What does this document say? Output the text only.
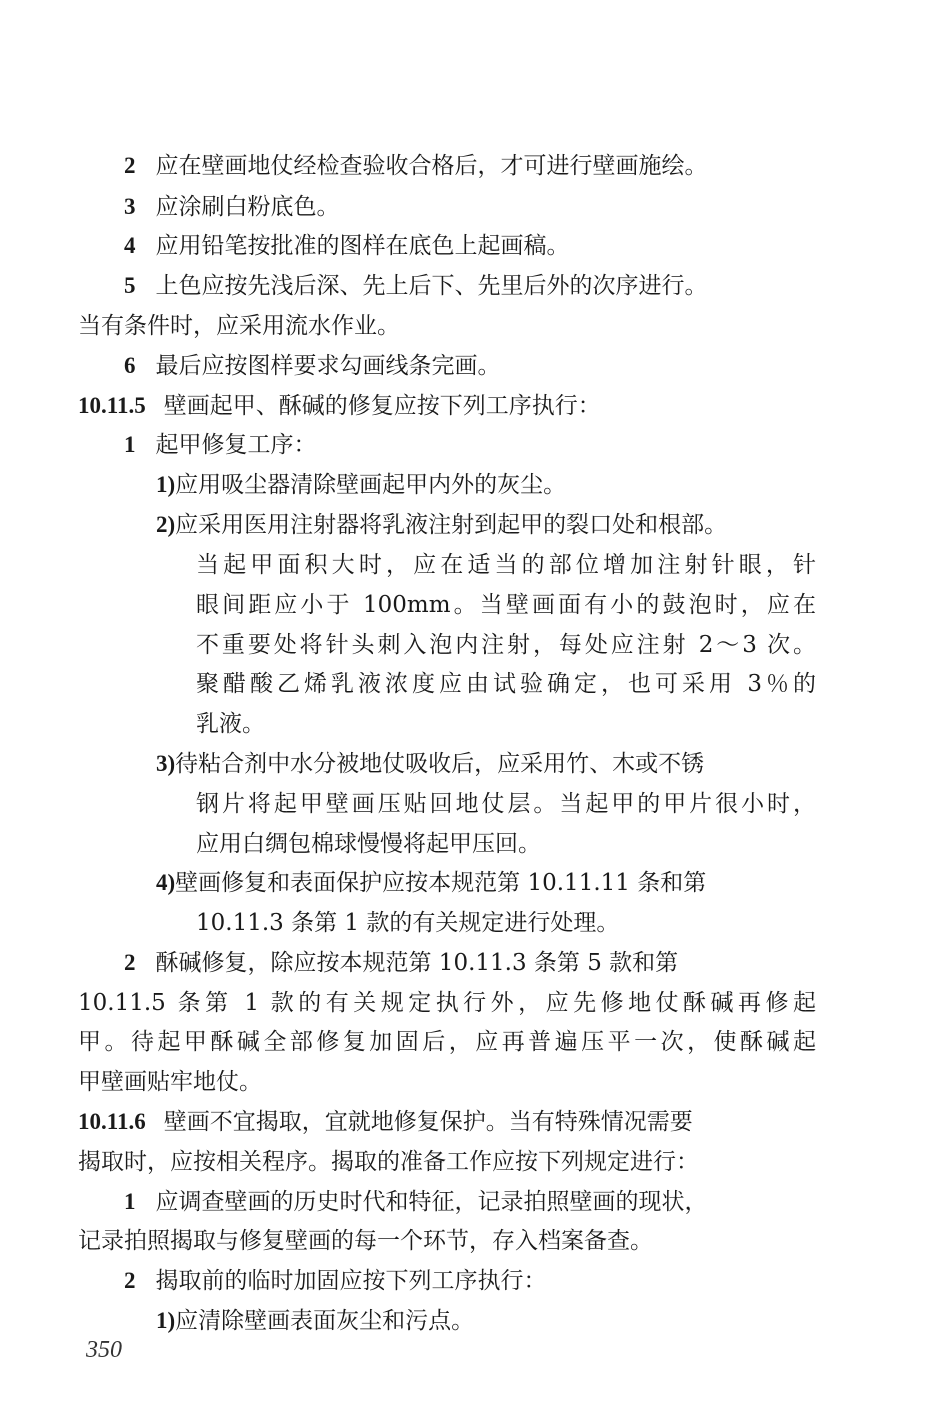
2 应在壁画地仗经检查验收合格后，才可进行壁画施绘。
3 应涂刷白粉底色。
4 应用铅笔按批准的图样在底色上起画稿。
5 上色应按先浅后深、先上后下、先里后外的次序进行。
当有条件时，应采用流水作业。
6 最后应按图样要求勾画线条完画。
10.11.5 壁画起甲、酥碱的修复应按下列工序执行：
1 起甲修复工序：
1)应用吸尘器清除壁画起甲内外的灰尘。
2)应采用医用注射器将乳液注射到起甲的裂口处和根部。
当起甲面积大时，应在适当的部位增加注射针眼，针
眼间距应小于 100mm。当壁画面有小的鼓泡时，应在
不重要处将针头刺入泡内注射，每处应注射 2～3 次。
聚醋酸乙烯乳液浓度应由试验确定，也可采用 3％的
乳液。
3)待粘合剂中水分被地仗吸收后，应采用竹、木或不锈
钢片将起甲壁画压贴回地仗层。当起甲的甲片很小时，
应用白绸包棉球慢慢将起甲压回。
4)壁画修复和表面保护应按本规范第 10.11.11 条和第
10.11.3 条第 1 款的有关规定进行处理。
2 酥碱修复，除应按本规范第 10.11.3 条第 5 款和第
10.11.5 条第 1 款的有关规定执行外，应先修地仗酥碱再修起
甲。待起甲酥碱全部修复加固后，应再普遍压平一次，使酥碱起
甲壁画贴牢地仗。
10.11.6 壁画不宜揭取，宜就地修复保护。当有特殊情况需要
揭取时，应按相关程序。揭取的准备工作应按下列规定进行：
1 应调查壁画的历史时代和特征，记录拍照壁画的现状，
记录拍照揭取与修复壁画的每一个环节，存入档案备查。
2 揭取前的临时加固应按下列工序执行：
1)应清除壁画表面灰尘和污点。
350
